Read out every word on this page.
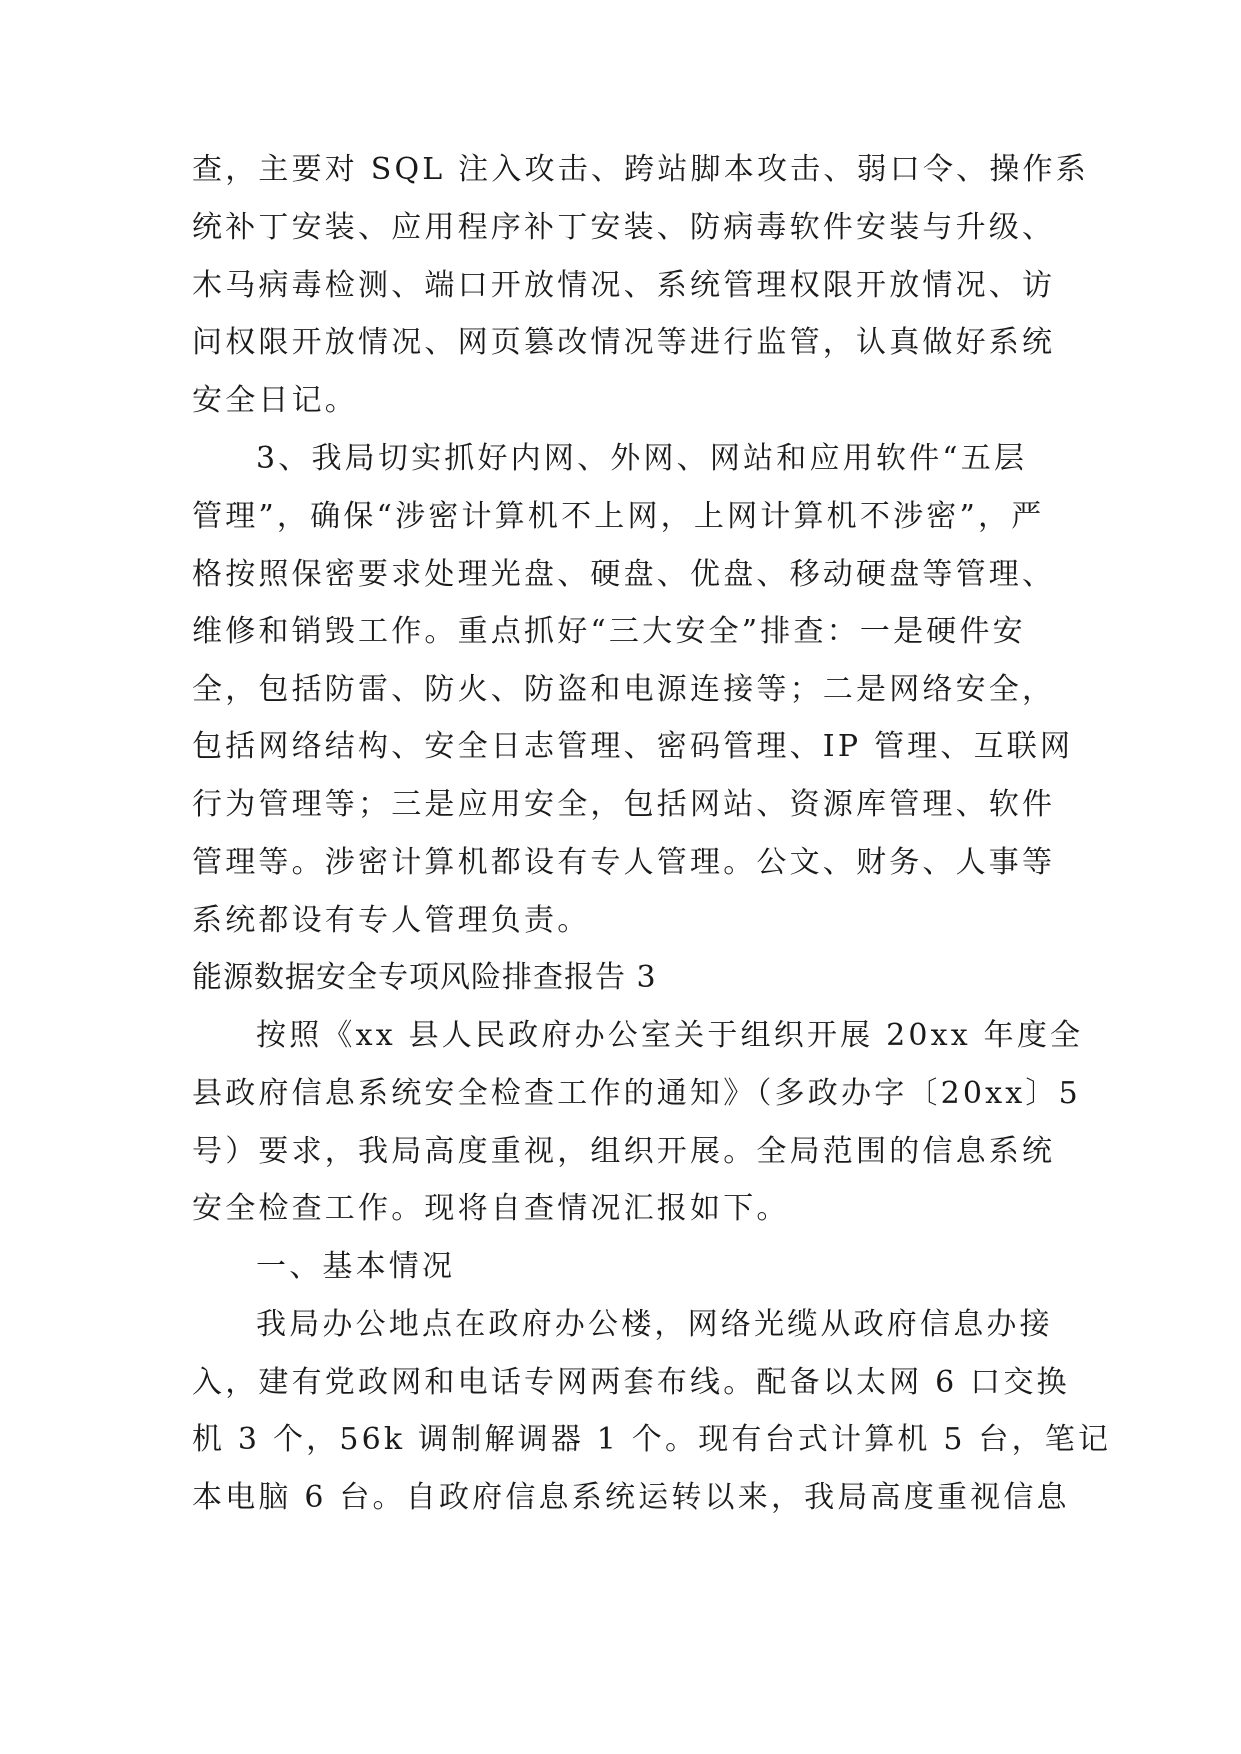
查，主要对 SQL 注入攻击、跨站脚本攻击、弱口令、操作系
统补丁安装、应用程序补丁安装、防病毒软件安装与升级、
木马病毒检测、端口开放情况、系统管理权限开放情况、访
问权限开放情况、网页篡改情况等进行监管，认真做好系统
安全日记。
3、我局切实抓好内网、外网、网站和应用软件“五层
管理”，确保“涉密计算机不上网，上网计算机不涉密”，严
格按照保密要求处理光盘、硬盘、优盘、移动硬盘等管理、
维修和销毁工作。重点抓好“三大安全”排查：一是硬件安
全，包括防雷、防火、防盗和电源连接等；二是网络安全，
包括网络结构、安全日志管理、密码管理、IP 管理、互联网
行为管理等；三是应用安全，包括网站、资源库管理、软件
管理等。涉密计算机都设有专人管理。公文、财务、人事等
系统都设有专人管理负责。
能源数据安全专项风险排查报告 3
按照《xx 县人民政府办公室关于组织开展 20xx 年度全
县政府信息系统安全检查工作的通知》（多政办字〔20xx〕5
号）要求，我局高度重视，组织开展。全局范围的信息系统
安全检查工作。现将自查情况汇报如下。
一、基本情况
我局办公地点在政府办公楼，网络光缆从政府信息办接
入，建有党政网和电话专网两套布线。配备以太网 6 口交换
机 3 个，56k 调制解调器 1 个。现有台式计算机 5 台，笔记
本电脑 6 台。自政府信息系统运转以来，我局高度重视信息
